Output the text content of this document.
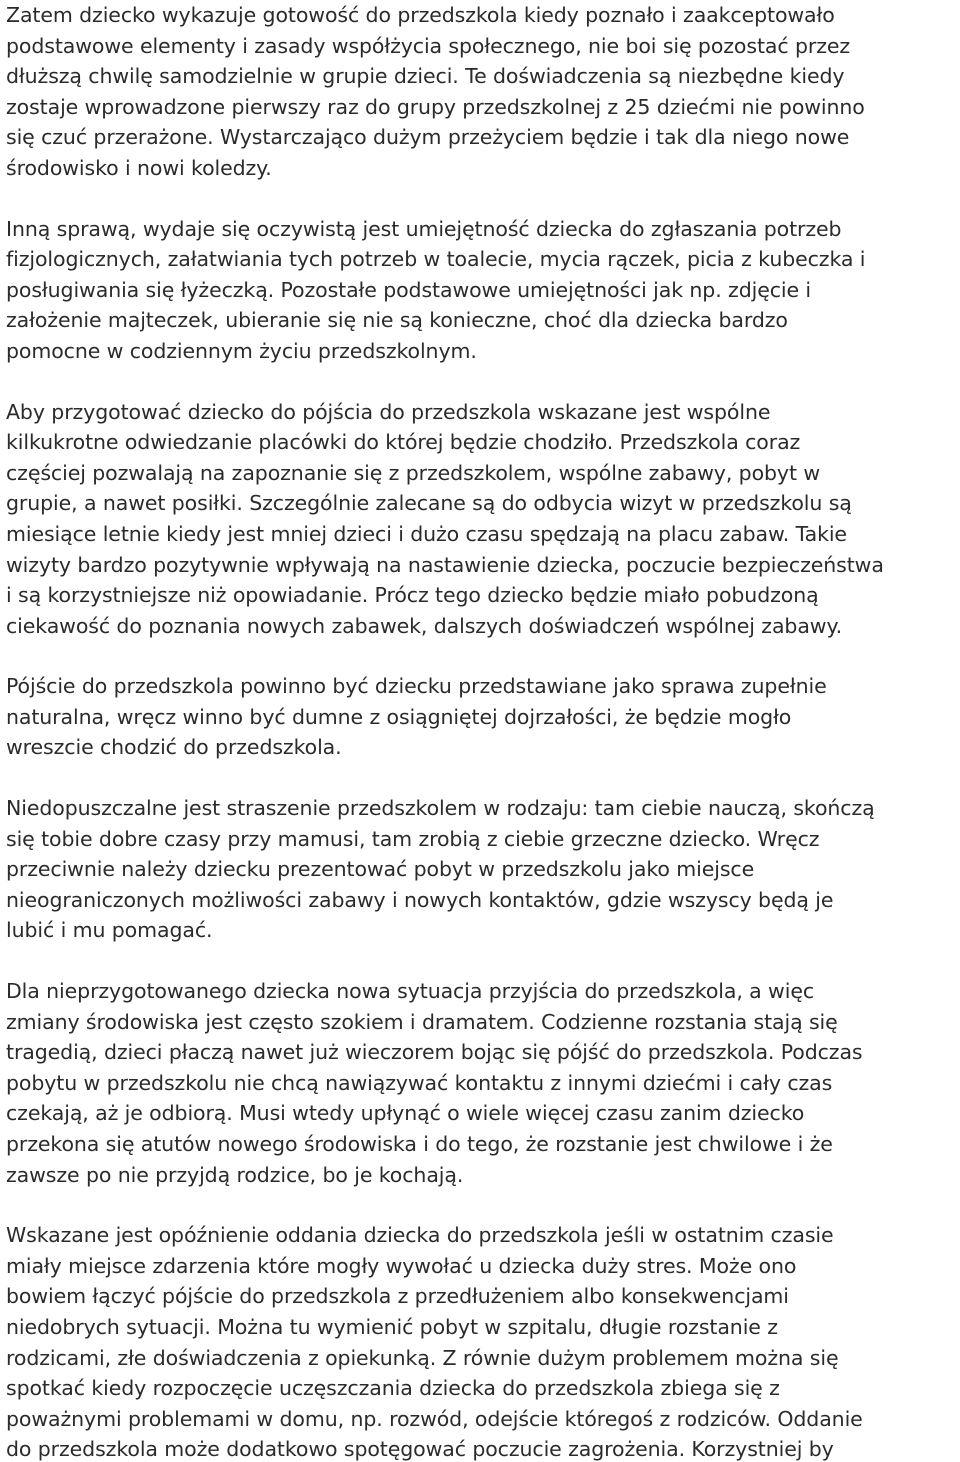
Zatem dziecko wykazuje gotowość do przedszkola kiedy poznało i zaakceptowało
podstawowe elementy i zasady współżycia społecznego, nie boi się pozostać przez
dłuższą chwilę samodzielnie w grupie dzieci. Te doświadczenia są niezbędne kiedy
zostaje wprowadzone pierwszy raz do grupy przedszkolnej z 25 dziećmi nie powinno
się czuć przerażone. Wystarczająco dużym przeżyciem będzie i tak dla niego nowe
środowisko i nowi koledzy.

Inną sprawą, wydaje się oczywistą jest umiejętność dziecka do zgłaszania potrzeb
fizjologicznych, załatwiania tych potrzeb w toalecie, mycia rączek, picia z kubeczka i
posługiwania się łyżeczką. Pozostałe podstawowe umiejętności jak np. zdjęcie i
założenie majteczek, ubieranie się nie są konieczne, choć dla dziecka bardzo
pomocne w codziennym życiu przedszkolnym.

Aby przygotować dziecko do pójścia do przedszkola wskazane jest wspólne
kilkukrotne odwiedzanie placówki do której będzie chodziło. Przedszkola coraz
częściej pozwalają na zapoznanie się z przedszkolem, wspólne zabawy, pobyt w
grupie, a nawet posiłki. Szczególnie zalecane są do odbycia wizyt w przedszkolu są
miesiące letnie kiedy jest mniej dzieci i dużo czasu spędzają na placu zabaw. Takie
wizyty bardzo pozytywnie wpływają na nastawienie dziecka, poczucie bezpieczeństwa
i są korzystniejsze niż opowiadanie. Prócz tego dziecko będzie miało pobudzoną
ciekawość do poznania nowych zabawek, dalszych doświadczeń wspólnej zabawy.

Pójście do przedszkola powinno być dziecku przedstawiane jako sprawa zupełnie
naturalna, wręcz winno być dumne z osiągniętej dojrzałości, że będzie mogło
wreszcie chodzić do przedszkola.

Niedopuszczalne jest straszenie przedszkolem w rodzaju: tam ciebie nauczą, skończą
się tobie dobre czasy przy mamusi, tam zrobią z ciebie grzeczne dziecko. Wręcz
przeciwnie należy dziecku prezentować pobyt w przedszkolu jako miejsce
nieograniczonych możliwości zabawy i nowych kontaktów, gdzie wszyscy będą je
lubić i mu pomagać.

Dla nieprzygotowanego dziecka nowa sytuacja przyjścia do przedszkola, a więc
zmiany środowiska jest często szokiem i dramatem. Codzienne rozstania stają się
tragedią, dzieci płaczą nawet już wieczorem bojąc się pójść do przedszkola. Podczas
pobytu w przedszkolu nie chcą nawiązywać kontaktu z innymi dziećmi i cały czas
czekają, aż je odbiorą. Musi wtedy upłynąć o wiele więcej czasu zanim dziecko
przekona się atutów nowego środowiska i do tego, że rozstanie jest chwilowe i że
zawsze po nie przyjdą rodzice, bo je kochają.

Wskazane jest opóźnienie oddania dziecka do przedszkola jeśli w ostatnim czasie
miały miejsce zdarzenia które mogły wywołać u dziecka duży stres. Może ono
bowiem łączyć pójście do przedszkola z przedłużeniem albo konsekwencjami
niedobrych sytuacji. Można tu wymienić pobyt w szpitalu, długie rozstanie z
rodzicami, złe doświadczenia z opiekunką. Z równie dużym problemem można się
spotkać kiedy rozpoczęcie uczęszczania dziecka do przedszkola zbiega się z
poważnymi problemami w domu, np. rozwód, odejście któregoś z rodziców. Oddanie
do przedszkola może dodatkowo spotęgować poczucie zagrożenia. Korzystniej by
